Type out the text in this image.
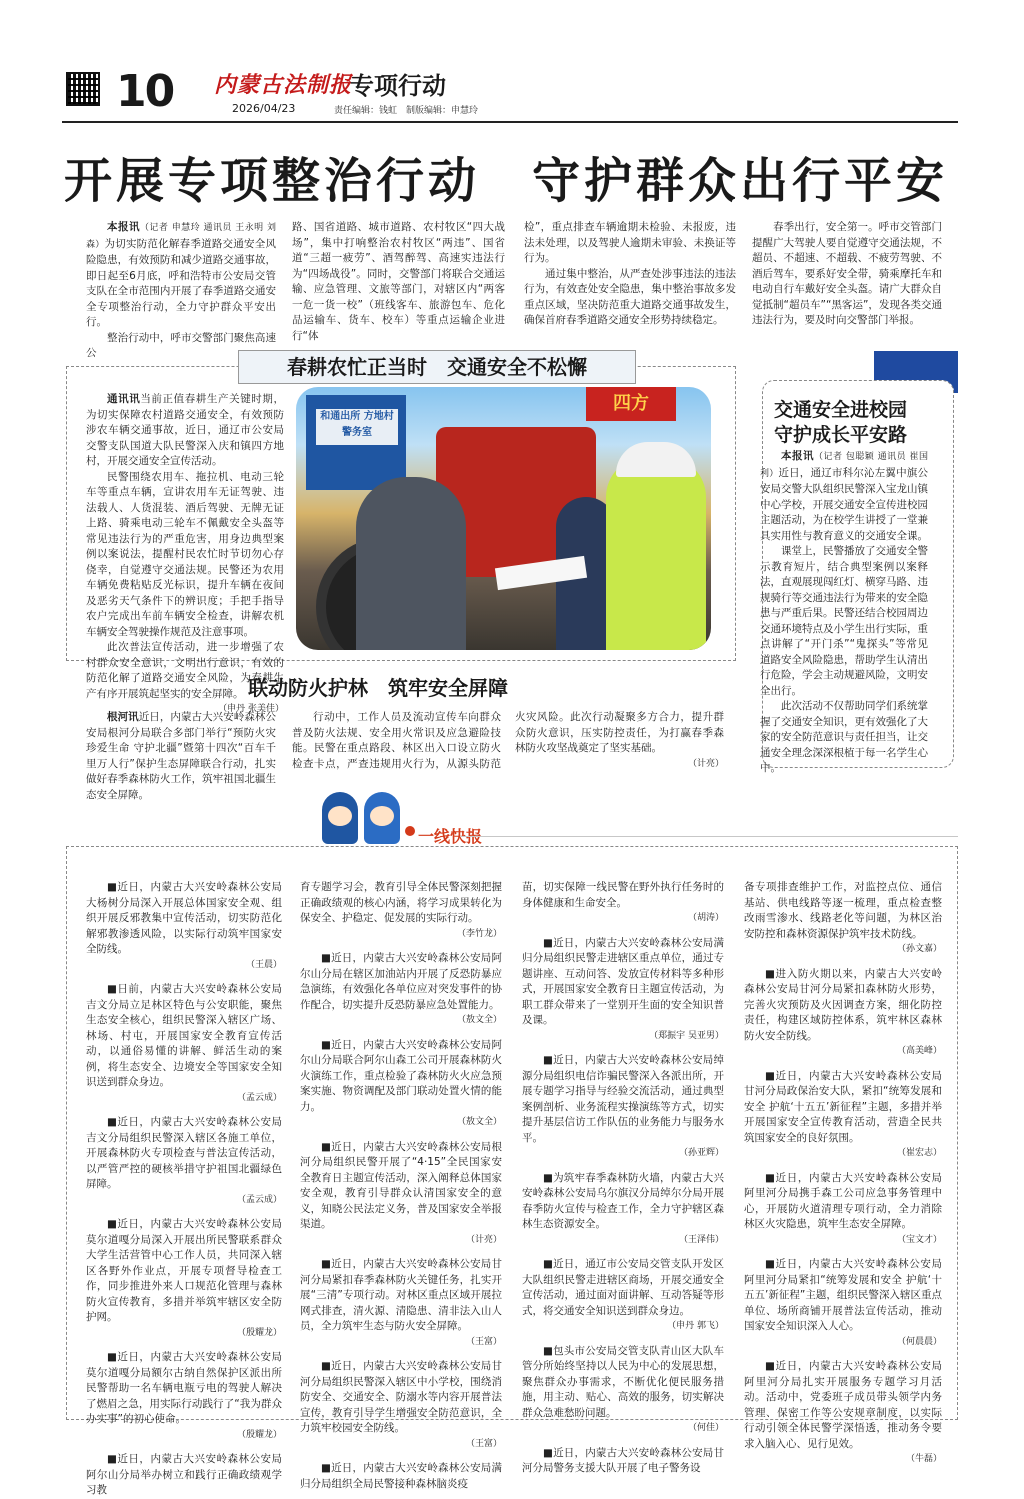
10 内蒙古法制报
2026/04/23
专项行动
责任编辑：钱虹　制版编辑：申慧玲
开展专项整治行动　守护群众出行平安

本报讯（记者 申慧玲 通讯员 王永明 刘森）为切实防范化解春季道路交通安全风险隐患，有效预防和减少道路交通事故，即日起至6月底，呼和浩特市公安局交管支队在全市范围内开展了春季道路交通安全专项整治行动，全力守护群众平安出行。

整治行动中，呼市交警部门聚焦高速公

路、国省道路、城市道路、农村牧区“四大战场”，集中打响整治农村牧区“两违”、国省道“三超一疲劳”、酒驾醉驾、高速实违法行为“四场战役”。同时，交警部门将联合交通运输、应急管理、文旅等部门，对辖区内“两客一危一货一校”（班线客车、旅游包车、危化品运输车、货车、校车）等重点运输企业进行“体

检”，重点排查车辆逾期未检验、未报废，违法未处理，以及驾驶人逾期未审验、未换证等行为。

通过集中整治，从严查处涉事违法的违法行为，有效查处安全隐患，集中整治事故多发重点区域，坚决防范重大道路交通事故发生，确保首府春季道路交通安全形势持续稳定。

春季出行，安全第一。呼市交管部门提醒广大驾驶人要自觉遵守交通法规，不超员、不超速、不超载、不疲劳驾驶、不酒后驾车，要系好安全带，骑乘摩托车和电动自行车戴好安全头盔。请广大群众自觉抵制“超员车”“黑客运”，发现各类交通违法行为，要及时向交警部门举报。

春耕农忙正当时　交通安全不松懈

通讯讯当前正值春耕生产关键时期，为切实保障农村道路交通安全，有效预防涉农车辆交通事故，近日，通辽市公安局交警支队国道大队民警深入庆和镇四方地村，开展交通安全宣传活动。

民警围绕农用车、拖拉机、电动三轮车等重点车辆，宣讲农用车无证驾驶、违法载人、人货混装、酒后驾驶、无牌无证上路、骑乘电动三轮车不佩戴安全头盔等常见违法行为的严重危害，用身边典型案例以案说法，提醒村民农忙时节切勿心存侥幸，自觉遵守交通法规。民警还为农用车辆免费粘贴反光标识，提升车辆在夜间及恶劣天气条件下的辨识度；手把手指导农户完成出车前车辆安全检查，讲解农机车辆安全驾驶操作规范及注意事项。

此次普法宣传活动，进一步增强了农村群众安全意识，文明出行意识，有效的防范化解了道路交通安全风险，为春耕生产有序开展筑起坚实的安全屏障。

（申丹 张美佳）
和通出所 方地村警务室
四方	交通安全进校园
守护成长平安路

本报讯（记者 包聪颖 通讯员 崔国利）近日，通辽市科尔沁左翼中旗公安局交警大队组织民警深入宝龙山镇中心学校，开展交通安全宣传进校园主题活动，为在校学生讲授了一堂兼具实用性与教育意义的交通安全课。

课堂上，民警播放了交通安全警示教育短片，结合典型案例以案释法，直观展现闯红灯、横穿马路、违规骑行等交通违法行为带来的安全隐患与严重后果。民警还结合校园周边交通环境特点及小学生出行实际，重点讲解了“开门杀”“鬼探头”等常见道路安全风险隐患，帮助学生认清出行危险，学会主动规避风险，文明安全出行。

此次活动不仅帮助同学们系统掌握了交通安全知识，更有效强化了大家的安全防范意识与责任担当，让交通安全理念深深根植于每一名学生心中。

联动防火护林　筑牢安全屏障

根河讯近日，内蒙古大兴安岭森林公安局根河分局联合多部门举行“预防火灾 珍爱生命 守护北疆”暨第十四次“百车千里万人行”保护生态屏障联合行动，扎实做好春季森林防火工作，筑牢祖国北疆生态安全屏障。

行动中，工作人员及流动宣传车向群众普及防火法规、安全用火常识及应急避险技能。民警在重点路段、林区出入口设立防火检查卡点，严查违规用火行为，从源头防范火灾风险。此次行动凝聚多方合力，提升群众防火意识，压实防控责任，为打赢春季森林防火攻坚战奠定了坚实基础。

（计亮）
一线快报

■近日，内蒙古大兴安岭森林公安局大杨树分局深入开展总体国家安全观、组织开展反邪教集中宣传活动，切实防范化解邪教渗透风险，以实际行动筑牢国家安全防线。

（王晨）

■日前，内蒙古大兴安岭森林公安局吉文分局立足林区特色与公安职能，聚焦生态安全核心，组织民警深入辖区广场、林场、村屯，开展国家安全教育宣传活动，以通俗易懂的讲解、鲜活生动的案例，将生态安全、边境安全等国家安全知识送到群众身边。

（孟云成）

■近日，内蒙古大兴安岭森林公安局吉文分局组织民警深入辖区各施工单位，开展森林防火专项检查与普法宣传活动，以严管严控的硬核举措守护祖国北疆绿色屏障。

（孟云成）

■近日，内蒙古大兴安岭森林公安局莫尔道嘎分局深入开展出所民警联系群众大学生活营管中心工作人员，共同深入辖区各野外作业点，开展专项督导检查工作，同步推进外来人口规范化管理与森林防火宣传教育，多措并举筑牢辖区安全防护网。

（殷耀龙）

■近日，内蒙古大兴安岭森林公安局莫尔道嘎分局额尔古纳自然保护区派出所民警帮助一名车辆电瓶亏电的驾驶人解决了燃眉之急，用实际行动践行了“我为群众办实事”的初心使命。

（殷耀龙）

■近日，内蒙古大兴安岭森林公安局阿尔山分局举办树立和践行正确政绩观学习教

育专题学习会，教育引导全体民警深刻把握正确政绩观的核心内涵，将学习成果转化为保安全、护稳定、促发展的实际行动。

（李竹龙）

■近日，内蒙古大兴安岭森林公安局阿尔山分局在辖区加油站内开展了反恐防暴应急演练，有效强化各单位应对突发事件的协作配合，切实提升反恐防暴应急处置能力。

（敖文全）

■近日，内蒙古大兴安岭森林公安局阿尔山分局联合阿尔山森工公司开展森林防火火演练工作，重点检验了森林防火火应急预案实施、物资调配及部门联动处置火情的能力。

（敖文全）

■近日，内蒙古大兴安岭森林公安局根河分局组织民警开展了“4·15”全民国家安全教育日主题宣传活动，深入阐释总体国家安全观，教育引导群众认清国家安全的意义，知晓公民法定义务，普及国家安全举报渠道。

（计亮）

■近日，内蒙古大兴安岭森林公安局甘河分局紧扣春季森林防火关键任务，扎实开展“三清”专项行动。对林区重点区域开展拉网式排查，清火源、清隐患、清非法入山人员，全力筑牢生态与防火安全屏障。

（王富）

■近日，内蒙古大兴安岭森林公安局甘河分局组织民警深入辖区中小学校，围绕消防安全、交通安全、防溺水等内容开展普法宣传，教育引导学生增强安全防范意识，全力筑牢校园安全防线。

（王富）

■近日，内蒙古大兴安岭森林公安局满归分局组织全局民警接种森林脑炎疫

苗，切实保障一线民警在野外执行任务时的身体健康和生命安全。

（胡涛）

■近日，内蒙古大兴安岭森林公安局满归分局组织民警走进辖区重点单位，通过专题讲座、互动问答、发放宣传材料等多种形式，开展国家安全教育日主题宣传活动，为职工群众带来了一堂别开生面的安全知识普及课。

（郑振宇 吴亚男）

■近日，内蒙古大兴安岭森林公安局绰源分局组织电信诈骗民警深入各派出所，开展专题学习指导与经验交流活动，通过典型案例剖析、业务流程实操演练等方式，切实提升基层信访工作队伍的业务能力与服务水平。

（孙亚辉）

■为筑牢春季森林防火墙，内蒙古大兴安岭森林公安局乌尔旗汉分局绰尔分局开展春季防火宣传与检查工作，全力守护辖区森林生态资源安全。

（王泽伟）

■近日，通辽市公安局交管支队开发区大队组织民警走进辖区商场，开展交通安全宣传活动，通过面对面讲解、互动答疑等形式，将交通安全知识送到群众身边。

（申丹 郭飞）

■包头市公安局交管支队青山区大队车管分所始终坚持以人民为中心的发展思想，聚焦群众办事需求，不断优化便民服务措施，用主动、贴心、高效的服务，切实解决群众急难愁盼问题。

（何佳）

■近日，内蒙古大兴安岭森林公安局甘河分局警务支援大队开展了电子警务设

备专项排查维护工作，对监控点位、通信基站、供电线路等逐一梳理，重点检查整改雨雪渗水、线路老化等问题，为林区治安防控和森林资源保护筑牢技术防线。

（孙文嘉）

■进入防火期以来，内蒙古大兴安岭森林公安局甘河分局紧扣森林防火形势，完善火灾预防及火因调查方案，细化防控责任，构建区域防控体系，筑牢林区森林防火安全防线。

（高美峰）

■近日，内蒙古大兴安岭森林公安局甘河分局政保治安大队，紧扣“统筹发展和安全 护航‘十五五’新征程”主题，多措并举开展国家安全宣传教育活动，营造全民共筑国家安全的良好氛围。

（崔宏志）

■近日，内蒙古大兴安岭森林公安局阿里河分局携手森工公司应急事务管理中心，开展防火道清理专项行动，全力消除林区火灾隐患，筑牢生态安全屏障。

（宝文才）

■近日，内蒙古大兴安岭森林公安局阿里河分局紧扣“统筹发展和安全 护航‘十五五’新征程”主题，组织民警深入辖区重点单位、场所商铺开展普法宣传活动，推动国家安全知识深入人心。

（何晨晨）

■近日，内蒙古大兴安岭森林公安局阿里河分局扎实开展服务专题学习月活动。活动中，党委班子成员带头领学内务管理、保密工作等公安规章制度，以实际行动引领全体民警学深悟透，推动务令要求入脑入心、见行见效。

（牛磊）
